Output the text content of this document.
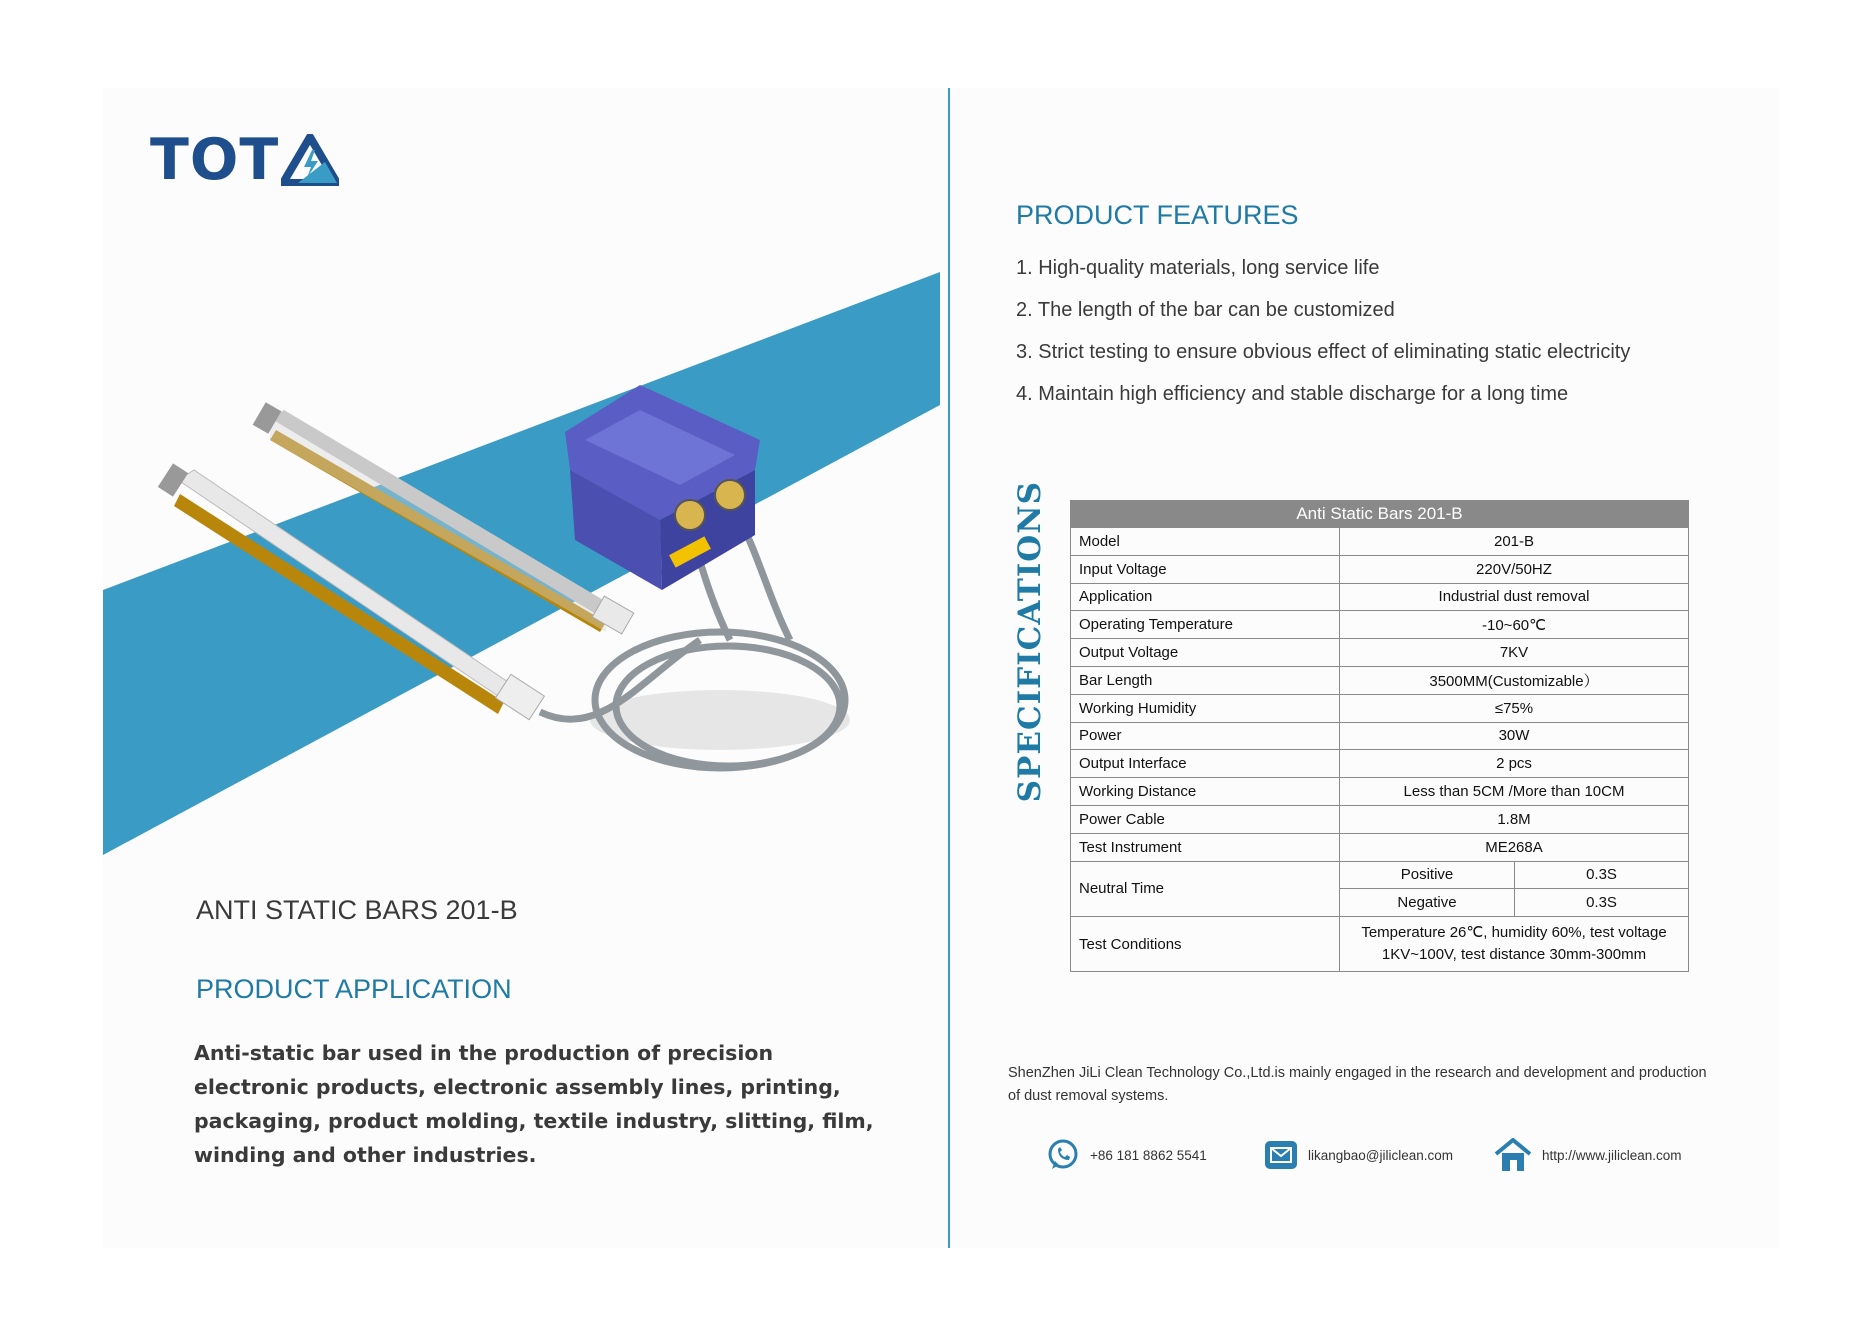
TOT
ANTI STATIC BARS 201-B
PRODUCT APPLICATION
Anti-static bar used in the production of precision electronic products, electronic assembly lines, printing, packaging, product molding, textile industry, slitting, film, winding and other industries.
PRODUCT FEATURES
1. High-quality materials, long service life
2. The length of the bar can be customized
3. Strict testing to ensure obvious effect of eliminating static electricity
4. Maintain high efficiency and stable discharge for a long time
SPECIFICATIONS	Anti Static Bars 201-B		
Model	201-B	
Input Voltage	220V/50HZ	
Application	Industrial dust removal	
Operating Temperature	-10~60℃	
Output Voltage	7KV	
Bar Length	3500MM(Customizable）	
Working Humidity	≤75%	
Power	30W	
Output Interface	2 pcs	
Working Distance	Less than 5CM /More than 10CM	
Power Cable	1.8M	
Test Instrument	ME268A	
Neutral Time	Positive	0.3S
	Negative	0.3S
Test Conditions	Temperature 26℃, humidity 60%, test voltage
1KV~100V, test distance 30mm-300mm	
ShenZhen JiLi Clean Technology Co.,Ltd.is mainly engaged in the research and development and production
of dust removal systems.
+86 181 8862 5541	likangbao@jiliclean.com	http://www.jiliclean.com
